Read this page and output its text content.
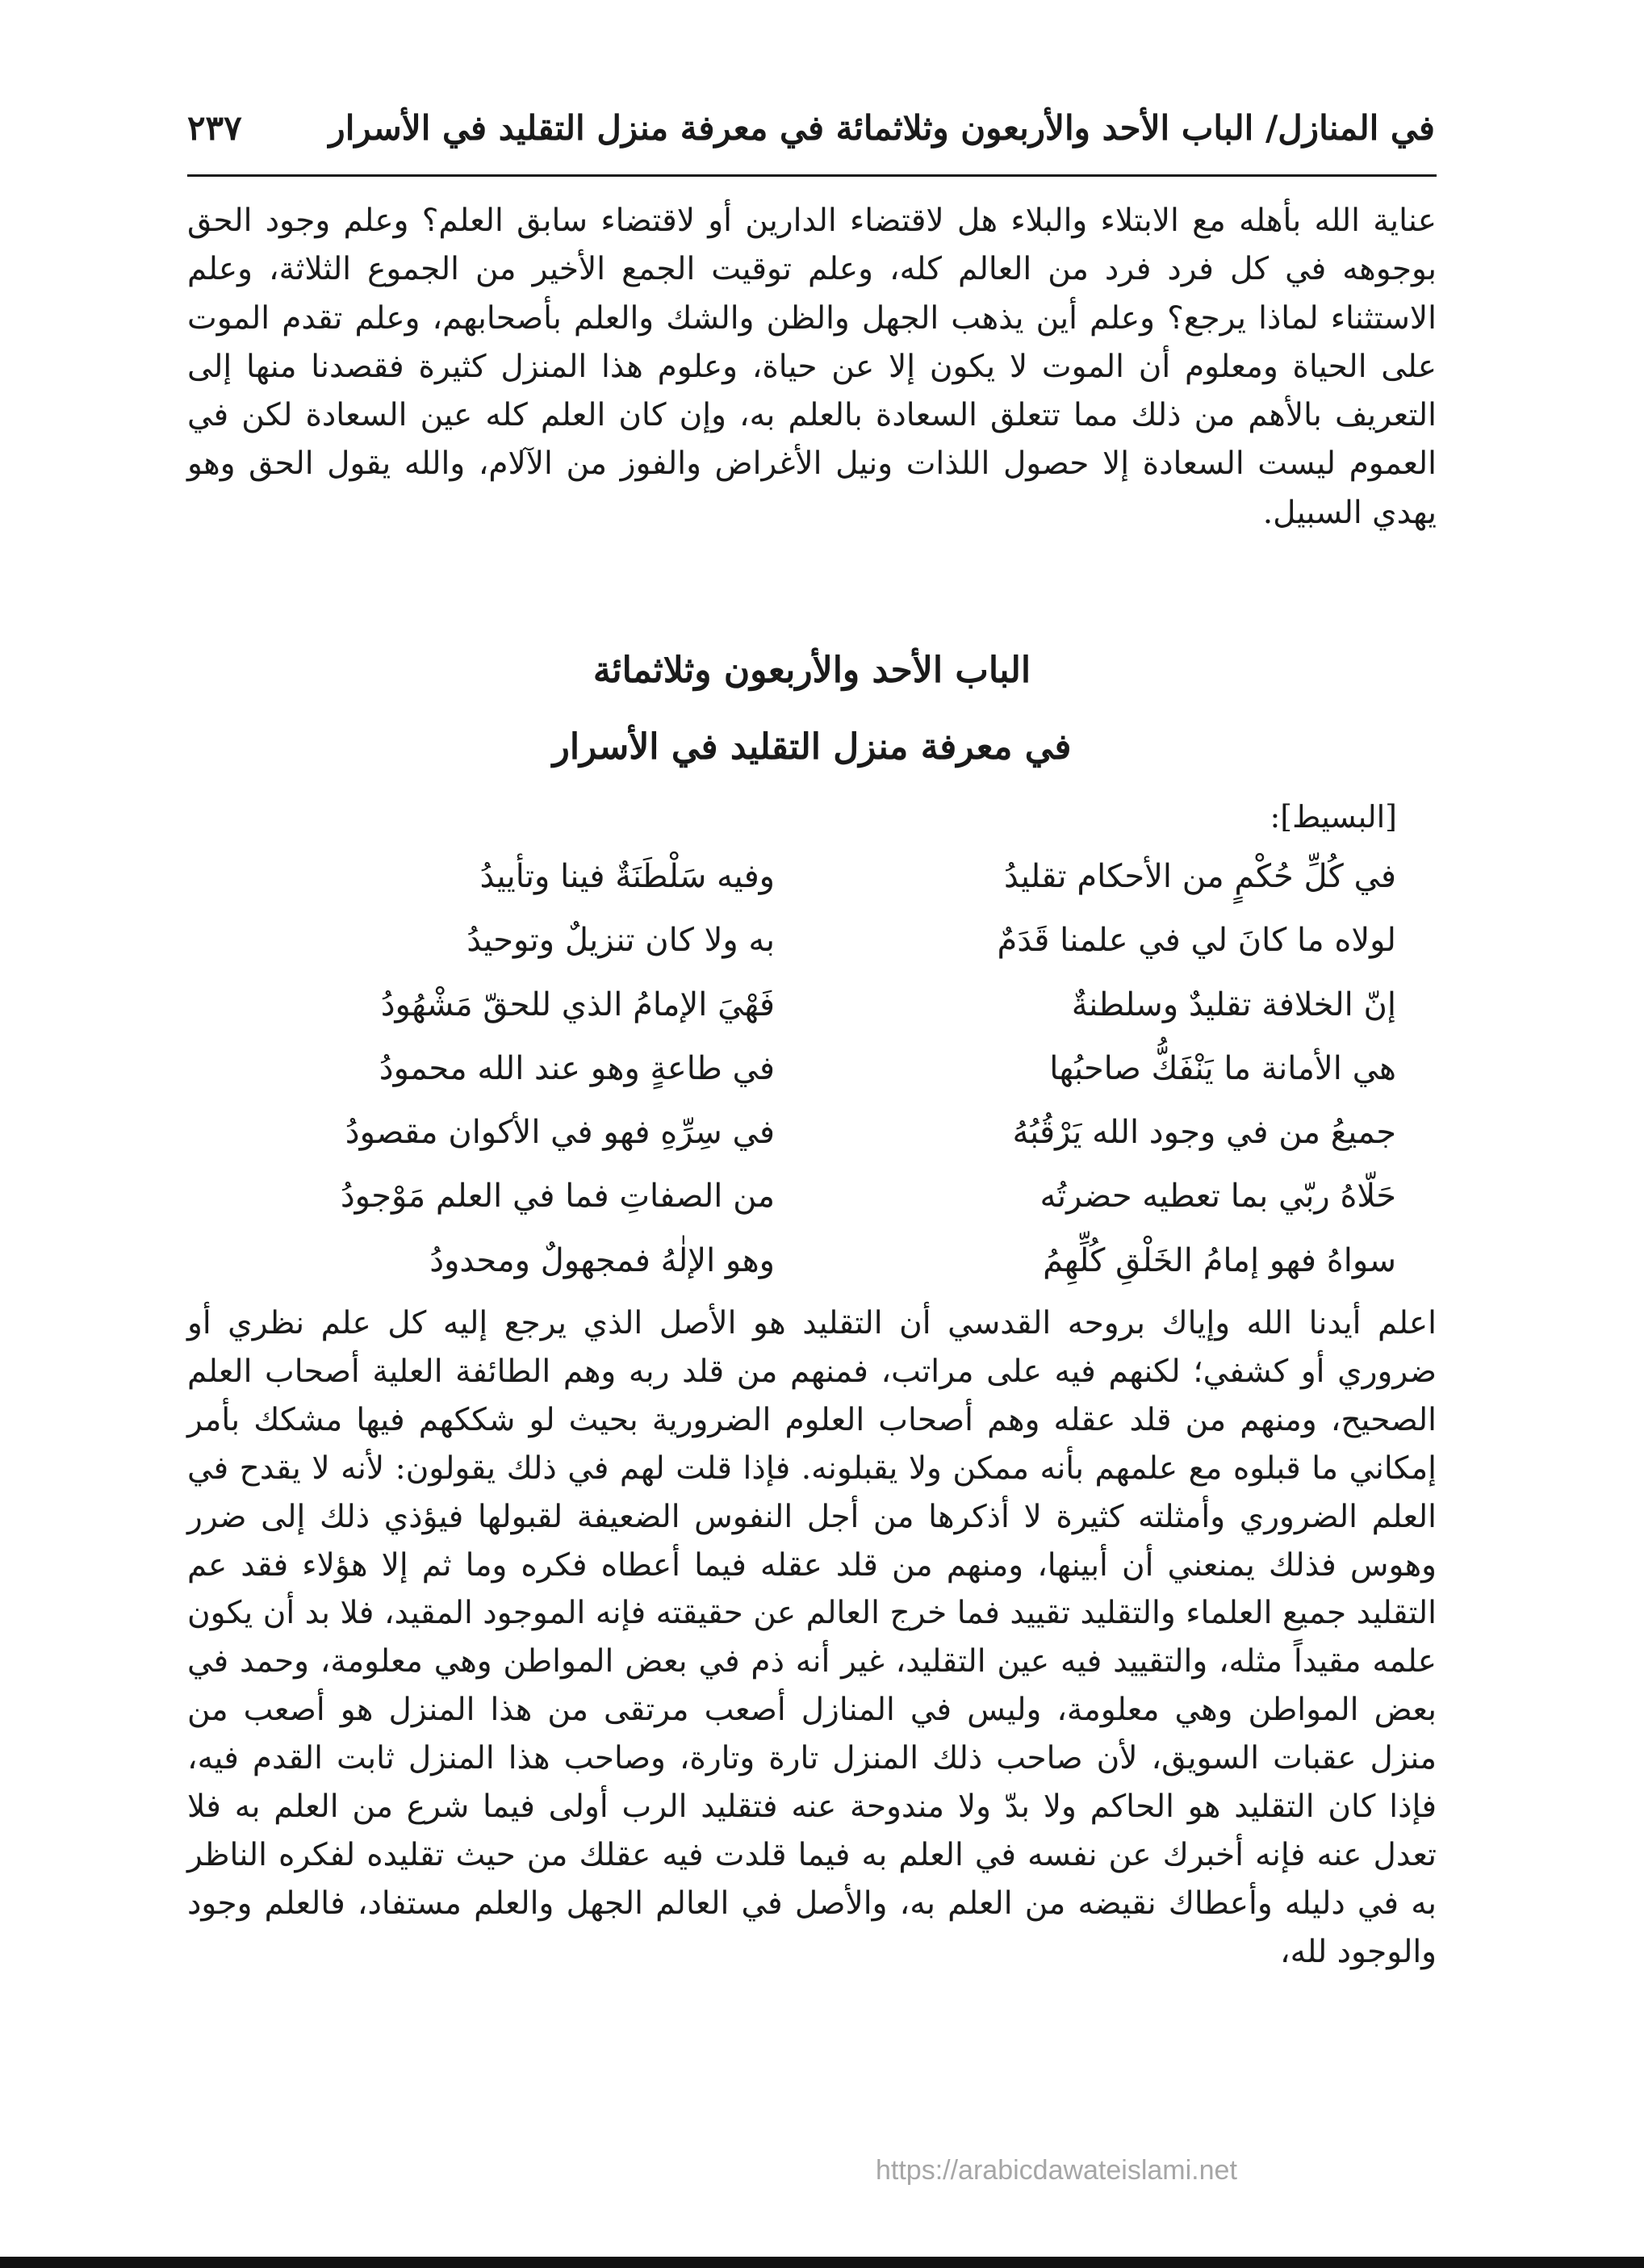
في المنازل/ الباب الأحد والأربعون وثلاثمائة في معرفة منزل التقليد في الأسرار
٢٣٧

عناية الله بأهله مع الابتلاء والبلاء هل لاقتضاء الدارين أو لاقتضاء سابق العلم؟ وعلم وجود الحق بوجوهه في كل فرد فرد من العالم كله، وعلم توقيت الجمع الأخير من الجموع الثلاثة، وعلم الاستثناء لماذا يرجع؟ وعلم أين يذهب الجهل والظن والشك والعلم بأصحابهم، وعلم تقدم الموت على الحياة ومعلوم أن الموت لا يكون إلا عن حياة، وعلوم هذا المنزل كثيرة فقصدنا منها إلى التعريف بالأهم من ذلك مما تتعلق السعادة بالعلم به، وإن كان العلم كله عين السعادة لكن في العموم ليست السعادة إلا حصول اللذات ونيل الأغراض والفوز من الآلام، والله يقول الحق وهو يهدي السبيل.

الباب الأحد والأربعون وثلاثمائة
في معرفة منزل التقليد في الأسرار
[البسيط]:
في كُلِّ حُكْمٍ من الأحكام تقليدُ
وفيه سَلْطَنَةٌ فينا وتأييدُ
لولاه ما كانَ لي في علمنا قَدَمٌ
به ولا كان تنزيلٌ وتوحيدُ
إنّ الخلافة تقليدٌ وسلطنةٌ
فَهْيَ الإمامُ الذي للحقّ مَشْهُودُ
هي الأمانة ما يَنْفَكُّ صاحبُها
في طاعةٍ وهو عند الله محمودُ
جميعُ من في وجود الله يَرْقُبُهُ
في سِرِّهِ فهو في الأكوان مقصودُ
حَلّاهُ ربّي بما تعطيه حضرتُه
من الصفاتِ فما في العلم مَوْجودُ
سواهُ فهو إمامُ الخَلْقِ كُلِّهِمُ
وهو الإلٰهُ فمجهولٌ ومحدودُ

اعلم أيدنا الله وإياك بروحه القدسي أن التقليد هو الأصل الذي يرجع إليه كل علم نظري أو ضروري أو كشفي؛ لكنهم فيه على مراتب، فمنهم من قلد ربه وهم الطائفة العلية أصحاب العلم الصحيح، ومنهم من قلد عقله وهم أصحاب العلوم الضرورية بحيث لو شككهم فيها مشكك بأمر إمكاني ما قبلوه مع علمهم بأنه ممكن ولا يقبلونه. فإذا قلت لهم في ذلك يقولون: لأنه لا يقدح في العلم الضروري وأمثلته كثيرة لا أذكرها من أجل النفوس الضعيفة لقبولها فيؤذي ذلك إلى ضرر وهوس فذلك يمنعني أن أبينها، ومنهم من قلد عقله فيما أعطاه فكره وما ثم إلا هؤلاء فقد عم التقليد جميع العلماء والتقليد تقييد فما خرج العالم عن حقيقته فإنه الموجود المقيد، فلا بد أن يكون علمه مقيداً مثله، والتقييد فيه عين التقليد، غير أنه ذم في بعض المواطن وهي معلومة، وحمد في بعض المواطن وهي معلومة، وليس في المنازل أصعب مرتقى من هذا المنزل هو أصعب من منزل عقبات السويق، لأن صاحب ذلك المنزل تارة وتارة، وصاحب هذا المنزل ثابت القدم فيه، فإذا كان التقليد هو الحاكم ولا بدّ ولا مندوحة عنه فتقليد الرب أولى فيما شرع من العلم به فلا تعدل عنه فإنه أخبرك عن نفسه في العلم به فيما قلدت فيه عقلك من حيث تقليده لفكره الناظر به في دليله وأعطاك نقيضه من العلم به، والأصل في العالم الجهل والعلم مستفاد، فالعلم وجود والوجود لله،

https://arabicdawateislami.net
